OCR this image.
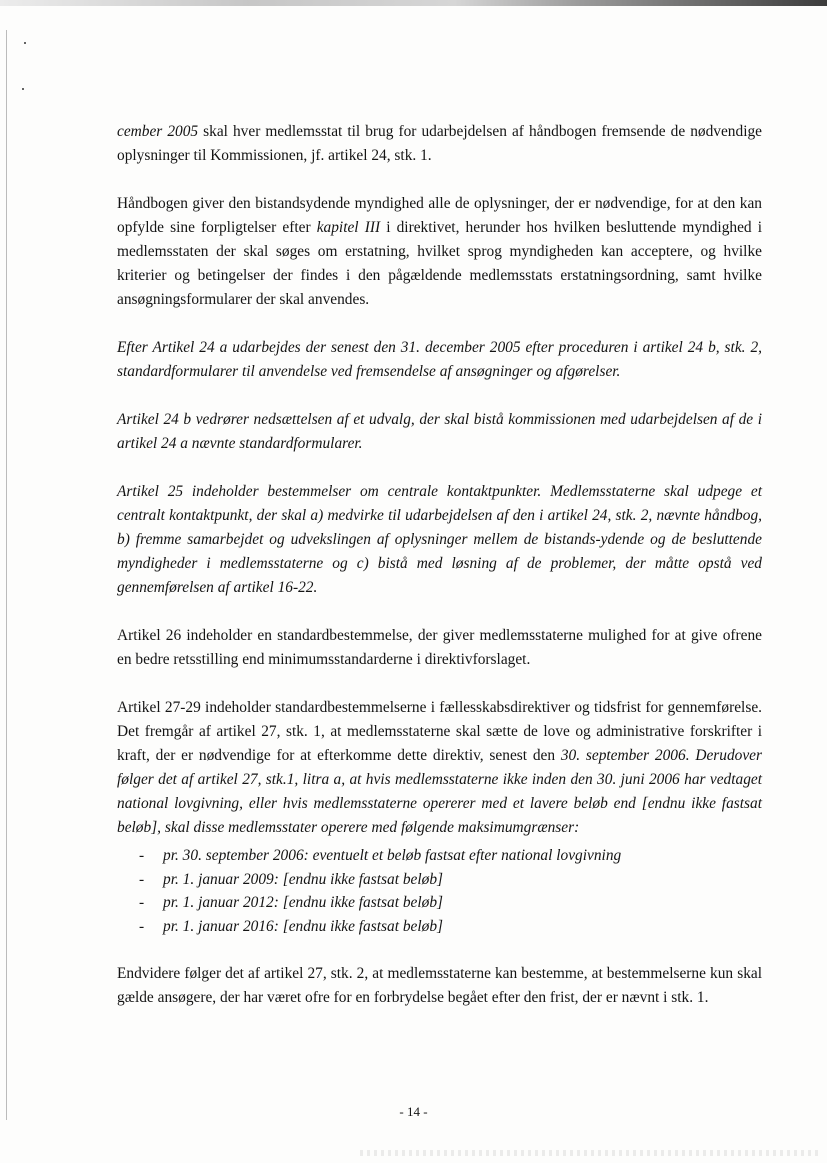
cember 2005 skal hver medlemsstat til brug for udarbejdelsen af håndbogen fremsende de nødvendige oplysninger til Kommissionen, jf. artikel 24, stk. 1.

Håndbogen giver den bistandsydende myndighed alle de oplysninger, der er nødvendige, for at den kan opfylde sine forpligtelser efter kapitel III i direktivet, herunder hos hvilken besluttende myndighed i medlemsstaten der skal søges om erstatning, hvilket sprog myndigheden kan acceptere, og hvilke kriterier og betingelser der findes i den pågældende medlemsstats erstatningsordning, samt hvilke ansøgningsformularer der skal anvendes.

Efter Artikel 24 a udarbejdes der senest den 31. december 2005 efter proceduren i artikel 24 b, stk. 2, standardformularer til anvendelse ved fremsendelse af ansøgninger og afgørelser.

Artikel 24 b vedrører nedsættelsen af et udvalg, der skal bistå kommissionen med udarbejdelsen af de i artikel 24 a nævnte standardformularer.

Artikel 25 indeholder bestemmelser om centrale kontaktpunkter. Medlemsstaterne skal udpege et centralt kontaktpunkt, der skal a) medvirke til udarbejdelsen af den i artikel 24, stk. 2, nævnte håndbog, b) fremme samarbejdet og udvekslingen af oplysninger mellem de bistands-ydende og de besluttende myndigheder i medlemsstaterne og c) bistå med løsning af de problemer, der måtte opstå ved gennemførelsen af artikel 16-22.

Artikel 26 indeholder en standardbestemmelse, der giver medlemsstaterne mulighed for at give ofrene en bedre retsstilling end minimumsstandarderne i direktivforslaget.

Artikel 27-29 indeholder standardbestemmelserne i fællesskabsdirektiver og tidsfrist for gennemførelse. Det fremgår af artikel 27, stk. 1, at medlemsstaterne skal sætte de love og administrative forskrifter i kraft, der er nødvendige for at efterkomme dette direktiv, senest den 30. september 2006. Derudover følger det af artikel 27, stk.1, litra a, at hvis medlemsstaterne ikke inden den 30. juni 2006 har vedtaget national lovgivning, eller hvis medlemsstaterne opererer med et lavere beløb end [endnu ikke fastsat beløb], skal disse medlemsstater operere med følgende maksimumgrænser:

- pr. 30. september 2006: eventuelt et beløb fastsat efter national lovgivning
- pr. 1. januar 2009: [endnu ikke fastsat beløb]
- pr. 1. januar 2012: [endnu ikke fastsat beløb]
- pr. 1. januar 2016: [endnu ikke fastsat beløb]

Endvidere følger det af artikel 27, stk. 2, at medlemsstaterne kan bestemme, at bestemmelserne kun skal gælde ansøgere, der har været ofre for en forbrydelse begået efter den frist, der er nævnt i stk. 1.

- 14 -
